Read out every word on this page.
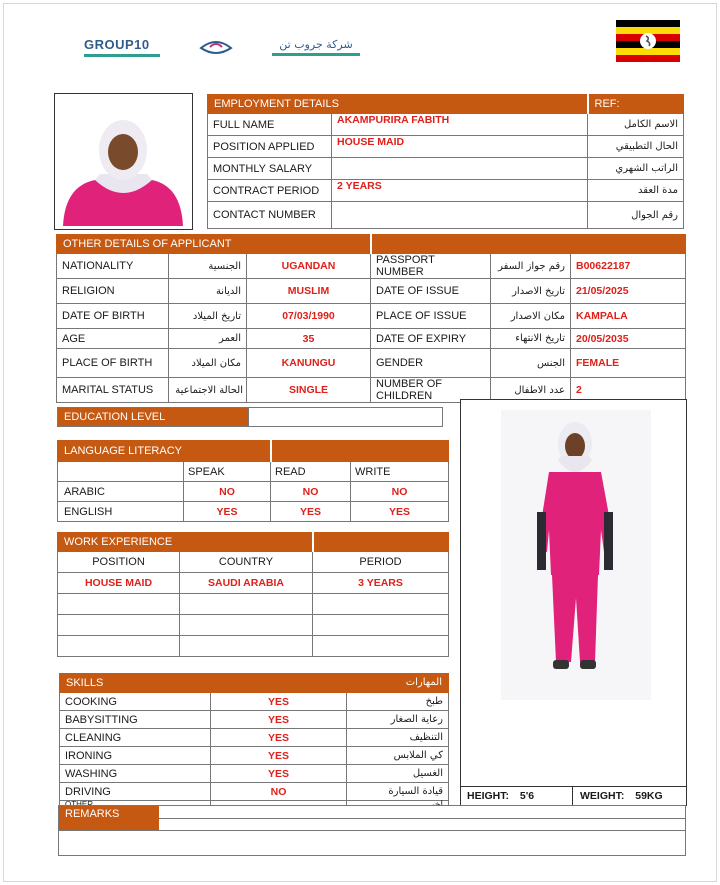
GROUP10	شركة جروب تن
EMPLOYMENT DETAILS		REF:
FULL NAME	AKAMPURIRA FABITH	الاسم الكامل
POSITION APPLIED	HOUSE MAID	الحال التطبيقي
MONTHLY SALARY		الراتب الشهري
CONTRACT PERIOD	2 YEARS	مدة العقد
CONTACT NUMBER		رقم الجوال
OTHER DETAILS OF APPLICANT					
NATIONALITY	الجنسية	UGANDAN	PASSPORT NUMBER	رقم جواز السفر	B00622187
RELIGION	الديانة	MUSLIM	DATE OF ISSUE	تاريخ الاصدار	21/05/2025
DATE OF BIRTH	تاريخ الميلاد	07/03/1990	PLACE OF ISSUE	مكان الاصدار	KAMPALA
AGE	العمر	35	DATE OF EXPIRY	تاريخ الانتهاء	20/05/2035
PLACE OF BIRTH	مكان الميلاد	KANUNGU	GENDER	الجنس	FEMALE
MARITAL STATUS	الحالة الاجتماعية	SINGLE	NUMBER OF CHILDREN	عدد الاطفال	2
EDUCATION LEVEL
HEIGHT: 5'6	WEIGHT: 59KG
LANGUAGE LITERACY			
	SPEAK	READ	WRITE
ARABIC	NO	NO	NO
ENGLISH	YES	YES	YES
WORK EXPERIENCE		
POSITION	COUNTRY	PERIOD
HOUSE MAID	SAUDI ARABIA	3 YEARS

SKILLS		المهارات
COOKING	YES	طبخ
BABYSITTING	YES	رعاية الصغار
CLEANING	YES	التنظيف
IRONING	YES	كي الملابس
WASHING	YES	الغسيل
DRIVING	NO	قيادة السيارة

REMARKS
